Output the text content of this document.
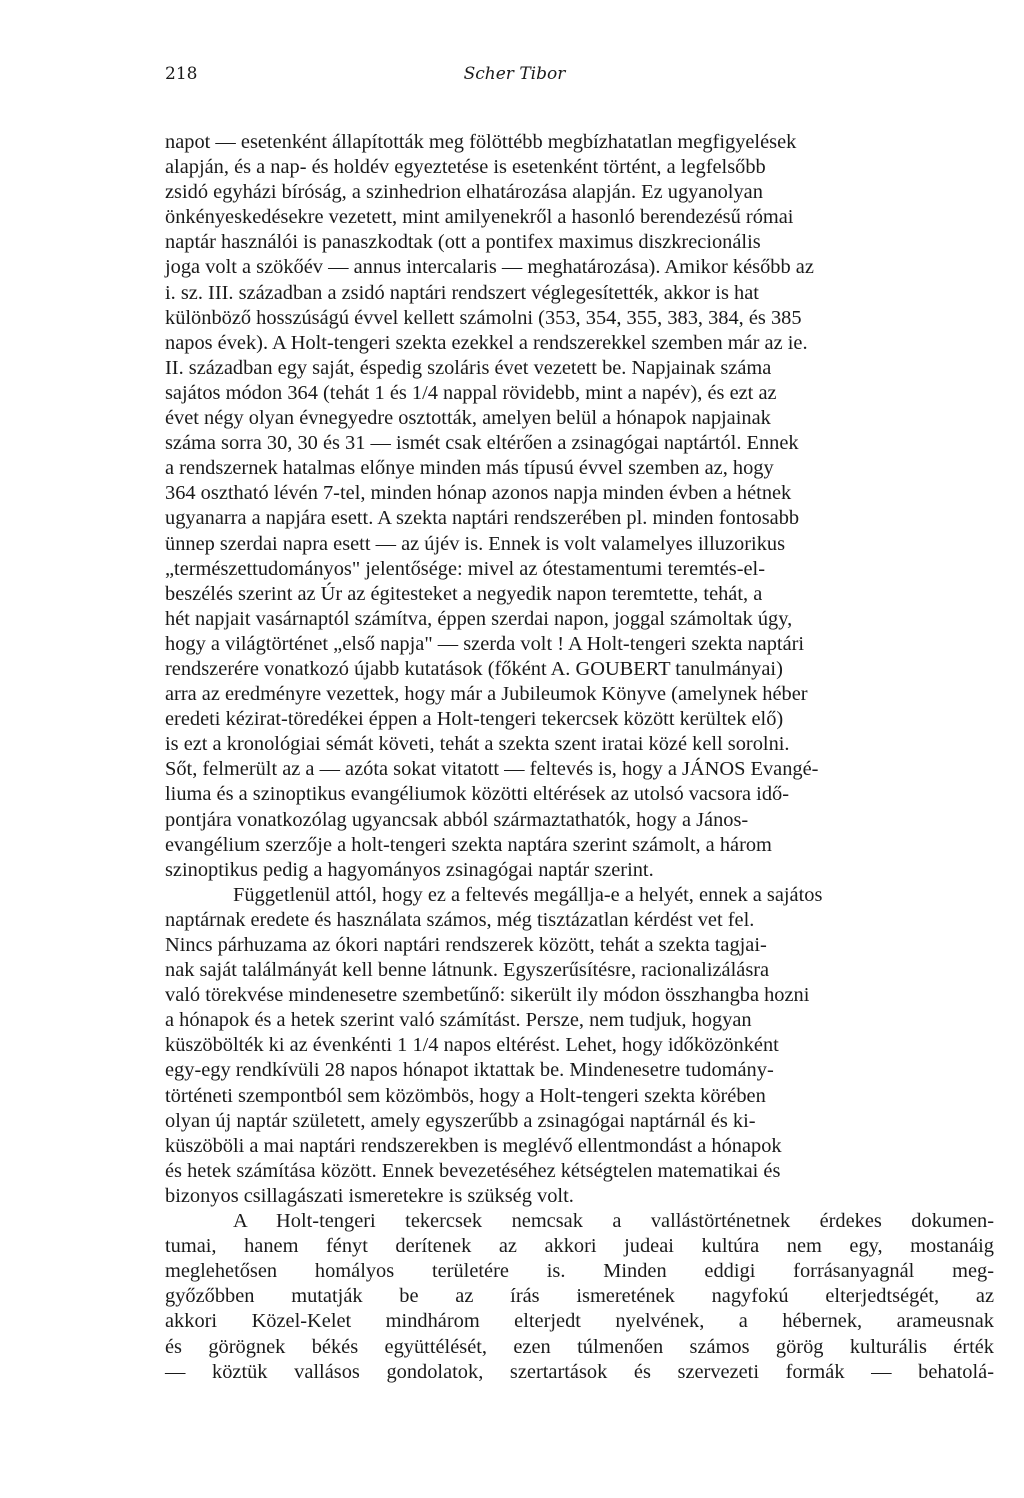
218	Scher Tibor

napot — esetenként állapították meg fölöttébb megbízhatatlan megfigyelések
alapján, és a nap- és holdév egyeztetése is esetenként történt, a legfelsőbb
zsidó egyházi bíróság, a szinhedrion elhatározása alapján. Ez ugyanolyan
önkényeskedésekre vezetett, mint amilyenekről a hasonló berendezésű római
naptár használói is panaszkodtak (ott a pontifex maximus diszkrecionális
joga volt a szökőév — annus intercalaris — meghatározása). Amikor később az
i. sz. III. században a zsidó naptári rendszert véglegesítették, akkor is hat
különböző hosszúságú évvel kellett számolni (353, 354, 355, 383, 384, és 385
napos évek). A Holt-tengeri szekta ezekkel a rendszerekkel szemben már az ie.
II. században egy saját, éspedig szoláris évet vezetett be. Napjainak száma
sajátos módon 364 (tehát 1 és 1/4 nappal rövidebb, mint a napév), és ezt az
évet négy olyan évnegyedre osztották, amelyen belül a hónapok napjainak
száma sorra 30, 30 és 31 — ismét csak eltérően a zsinagógai naptártól. Ennek
a rendszernek hatalmas előnye minden más típusú évvel szemben az, hogy
364 osztható lévén 7-tel, minden hónap azonos napja minden évben a hétnek
ugyanarra a napjára esett. A szekta naptári rendszerében pl. minden fontosabb
ünnep szerdai napra esett — az újév is. Ennek is volt valamelyes illuzorikus
„természettudományos" jelentősége: mivel az ótestamentumi teremtés-el-
beszélés szerint az Úr az égitesteket a negyedik napon teremtette, tehát, a
hét napjait vasárnaptól számítva, éppen szerdai napon, joggal számoltak úgy,
hogy a világtörténet „első napja" — szerda volt ! A Holt-tengeri szekta naptári
rendszerére vonatkozó újabb kutatások (főként A. GOUBERT tanulmányai)
arra az eredményre vezettek, hogy már a Jubileumok Könyve (amelynek héber
eredeti kézirat-töredékei éppen a Holt-tengeri tekercsek között kerültek elő)
is ezt a kronológiai sémát követi, tehát a szekta szent iratai közé kell sorolni.
Sőt, felmerült az a — azóta sokat vitatott — feltevés is, hogy a JÁNOS Evangé-
liuma és a szinoptikus evangéliumok közötti eltérések az utolsó vacsora idő-
pontjára vonatkozólag ugyancsak abból származtathatók, hogy a János-
evangélium szerzője a holt-tengeri szekta naptára szerint számolt, a három
szinoptikus pedig a hagyományos zsinagógai naptár szerint.

Függetlenül attól, hogy ez a feltevés megállja-e a helyét, ennek a sajátos
naptárnak eredete és használata számos, még tisztázatlan kérdést vet fel.
Nincs párhuzama az ókori naptári rendszerek között, tehát a szekta tagjai-
nak saját találmányát kell benne látnunk. Egyszerűsítésre, racionalizálásra
való törekvése mindenesetre szembetűnő: sikerült ily módon összhangba hozni
a hónapok és a hetek szerint való számítást. Persze, nem tudjuk, hogyan
küszöbölték ki az évenkénti 1 1/4 napos eltérést. Lehet, hogy időközönként
egy-egy rendkívüli 28 napos hónapot iktattak be. Mindenesetre tudomány-
történeti szempontból sem közömbös, hogy a Holt-tengeri szekta körében
olyan új naptár született, amely egyszerűbb a zsinagógai naptárnál és ki-
küszöböli a mai naptári rendszerekben is meglévő ellentmondást a hónapok
és hetek számítása között. Ennek bevezetéséhez kétségtelen matematikai és
bizonyos csillagászati ismeretekre is szükség volt.

A Holt-tengeri tekercsek nemcsak a vallástörténetnek érdekes dokumen-
tumai, hanem fényt derítenek az akkori judeai kultúra nem egy, mostanáig
meglehetősen homályos területére is. Minden eddigi forrásanyagnál meg-
győzőbben mutatják be az írás ismeretének nagyfokú elterjedtségét, az
akkori Közel-Kelet mindhárom elterjedt nyelvének, a hébernek, arameusnak
és görögnek békés együttélését, ezen túlmenően számos görög kulturális érték
— köztük vallásos gondolatok, szertartások és szervezeti formák — behatolá-
